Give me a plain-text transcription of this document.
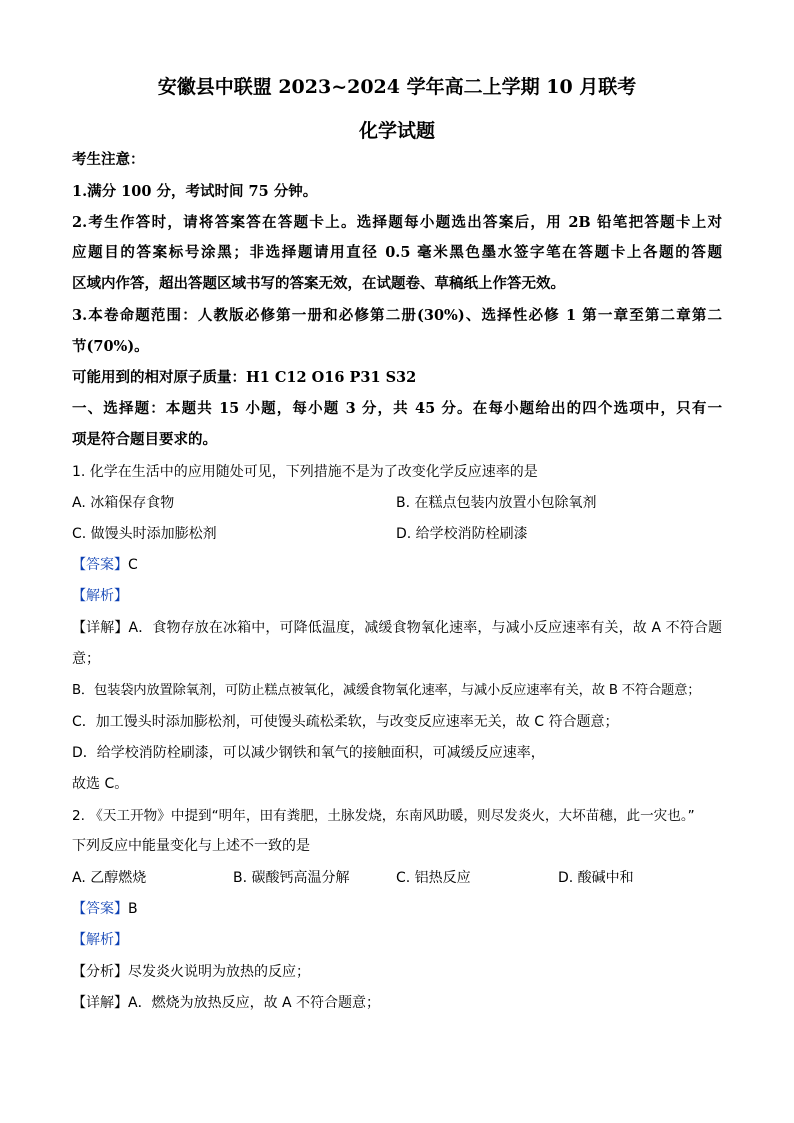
安徽县中联盟 2023~2024 学年高二上学期 10 月联考
化学试题
考生注意：
1.满分 100 分，考试时间 75 分钟。
2.考生作答时，请将答案答在答题卡上。选择题每小题选出答案后，用 2B 铅笔把答题卡上对
应题目的答案标号涂黑；非选择题请用直径 0.5 毫米黑色墨水签字笔在答题卡上各题的答题
区域内作答，超出答题区域书写的答案无效，在试题卷、草稿纸上作答无效。
3.本卷命题范围：人教版必修第一册和必修第二册(30%)、选择性必修 1 第一章至第二章第二
节(70%)。
可能用到的相对原子质量：H1 C12 O16 P31 S32
一、选择题：本题共 15 小题，每小题 3 分，共 45 分。在每小题给出的四个选项中，只有一
项是符合题目要求的。
1. 化学在生活中的应用随处可见，下列措施不是为了改变化学反应速率的是
A. 冰箱保存食物	B. 在糕点包装内放置小包除氧剂
C. 做馒头时添加膨松剂	D. 给学校消防栓刷漆
【答案】C
【解析】
【详解】A．食物存放在冰箱中，可降低温度，减缓食物氧化速率，与减小反应速率有关，故 A 不符合题
意；
B．包装袋内放置除氧剂，可防止糕点被氧化，减缓食物氧化速率，与减小反应速率有关，故 B 不符合题意；
C．加工馒头时添加膨松剂，可使馒头疏松柔软，与改变反应速率无关，故 C 符合题意；
D．给学校消防栓刷漆，可以减少钢铁和氧气的接触面积，可减缓反应速率，
故选 C。
2. 《天工开物》中提到“明年，田有粪肥，土脉发烧，东南风助暖，则尽发炎火，大坏苗穗，此一灾也。”
下列反应中能量变化与上述不一致的是
A. 乙醇燃烧	B. 碳酸钙高温分解	C. 铝热反应	D. 酸碱中和
【答案】B
【解析】
【分析】尽发炎火说明为放热的反应；
【详解】A．燃烧为放热反应，故 A 不符合题意；
